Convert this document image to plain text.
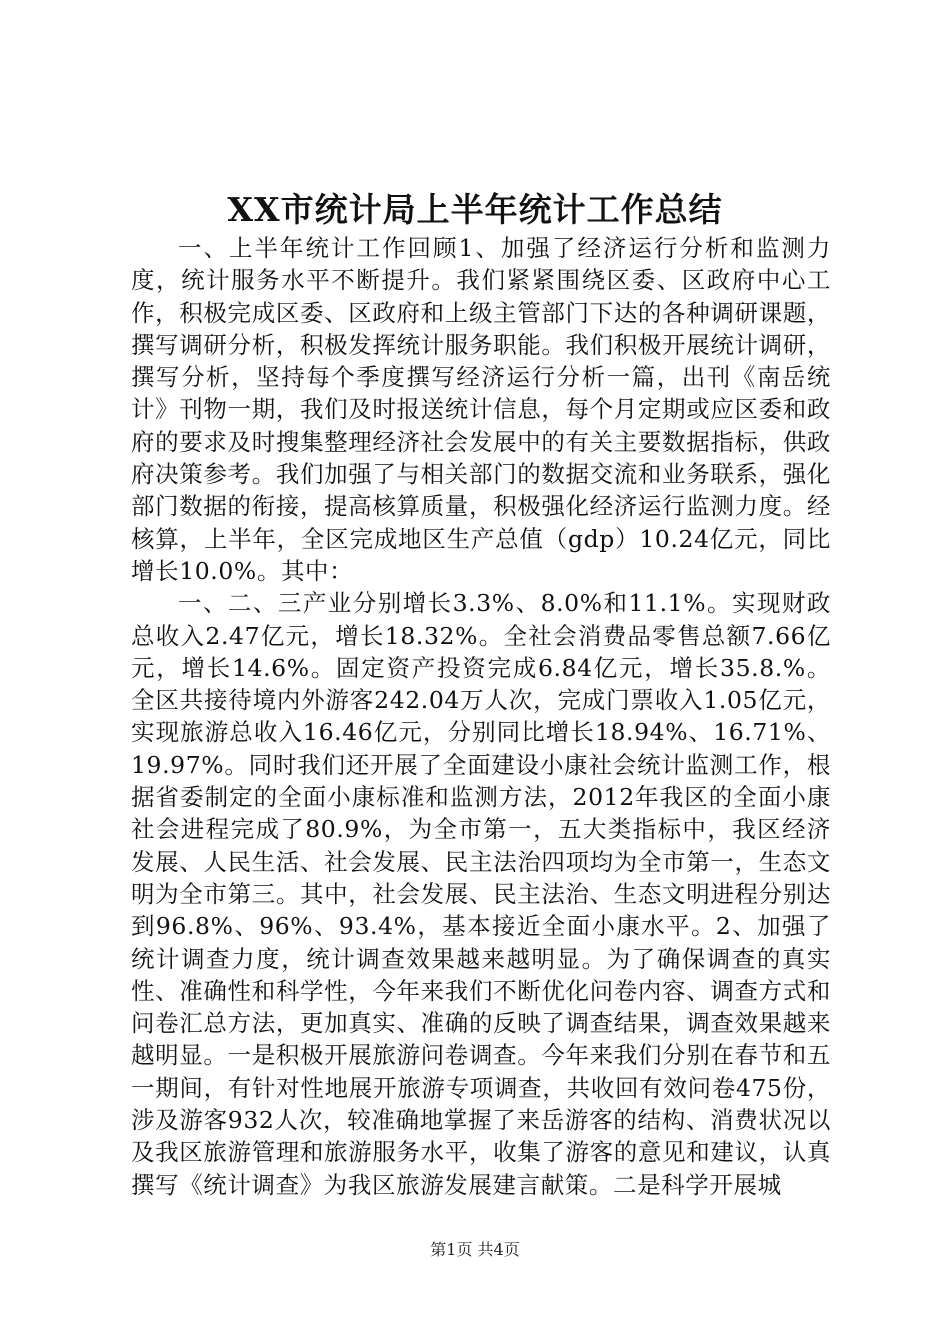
XX市统计局上半年统计工作总结

一、上半年统计工作回顾1、加强了经济运行分析和监测力度，统计服务水平不断提升。我们紧紧围绕区委、区政府中心工作，积极完成区委、区政府和上级主管部门下达的各种调研课题，撰写调研分析，积极发挥统计服务职能。我们积极开展统计调研，撰写分析，坚持每个季度撰写经济运行分析一篇，出刊《南岳统计》刊物一期，我们及时报送统计信息，每个月定期或应区委和政府的要求及时搜集整理经济社会发展中的有关主要数据指标，供政府决策参考。我们加强了与相关部门的数据交流和业务联系，强化部门数据的衔接，提高核算质量，积极强化经济运行监测力度。经核算，上半年，全区完成地区生产总值（gdp）10.24亿元，同比增长10.0%。其中：

一、二、三产业分别增长3.3%、8.0%和11.1%。实现财政总收入2.47亿元，增长18.32%。全社会消费品零售总额7.66亿元，增长14.6%。固定资产投资完成6.84亿元，增长35.8.%。全区共接待境内外游客242.04万人次，完成门票收入1.05亿元，实现旅游总收入16.46亿元，分别同比增长18.94%、16.71%、19.97%。同时我们还开展了全面建设小康社会统计监测工作，根据省委制定的全面小康标准和监测方法，2012年我区的全面小康社会进程完成了80.9%，为全市第一，五大类指标中，我区经济发展、人民生活、社会发展、民主法治四项均为全市第一，生态文明为全市第三。其中，社会发展、民主法治、生态文明进程分别达到96.8%、96%、93.4%，基本接近全面小康水平。2、加强了统计调查力度，统计调查效果越来越明显。为了确保调查的真实性、准确性和科学性，今年来我们不断优化问卷内容、调查方式和问卷汇总方法，更加真实、准确的反映了调查结果，调查效果越来越明显。一是积极开展旅游问卷调查。今年来我们分别在春节和五一期间，有针对性地展开旅游专项调查，共收回有效问卷475份，涉及游客932人次，较准确地掌握了来岳游客的结构、消费状况以及我区旅游管理和旅游服务水平，收集了游客的意见和建议，认真撰写《统计调查》为我区旅游发展建言献策。二是科学开展城

第1页 共4页
